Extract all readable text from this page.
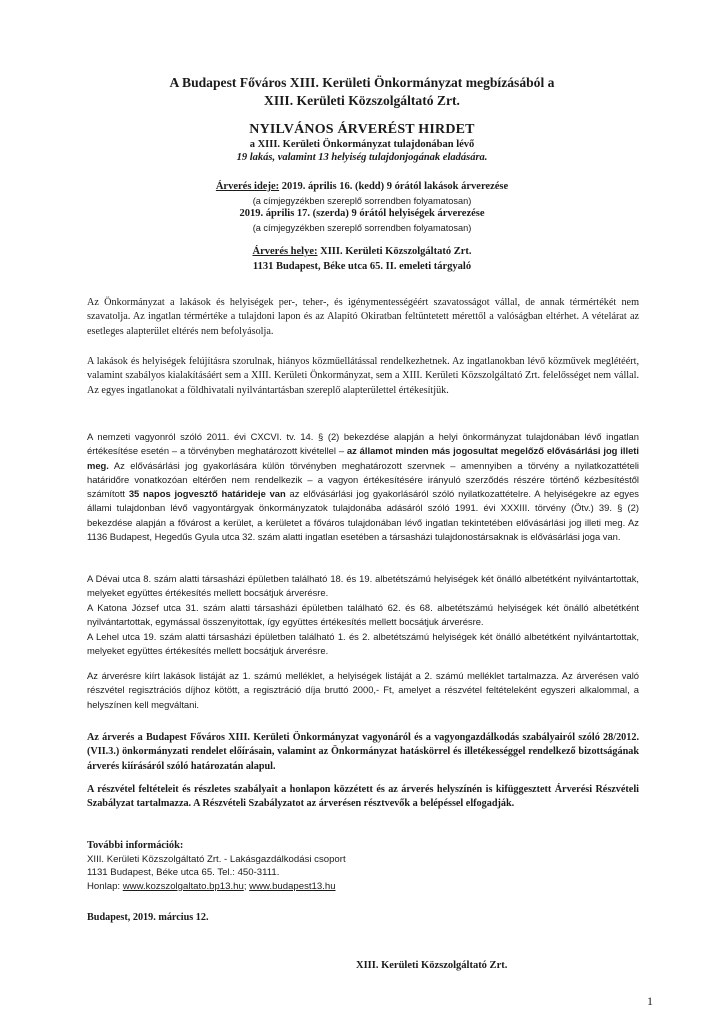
A Budapest Főváros XIII. Kerületi Önkormányzat megbízásából a
XIII. Kerületi Közszolgáltató Zrt.
NYILVÁNOS ÁRVERÉST HIRDET
a XIII. Kerületi Önkormányzat tulajdonában lévő
19 lakás, valamint 13 helyiség tulajdonjogának eladására.
Árverés ideje: 2019. április 16. (kedd) 9 órától lakások árverezése
(a címjegyzékben szereplő sorrendben folyamatosan)
2019. április 17. (szerda) 9 órától helyiségek árverezése
(a címjegyzékben szereplő sorrendben folyamatosan)
Árverés helye: XIII. Kerületi Közszolgáltató Zrt.
1131 Budapest, Béke utca 65. II. emeleti tárgyaló
Az Önkormányzat a lakások és helyiségek per-, teher-, és igénymentességéért szavatosságot vállal, de annak térmértékét nem szavatolja. Az ingatlan térmértéke a tulajdoni lapon és az Alapító Okiratban feltüntetett mérettől a valóságban eltérhet. A vételárat az esetleges alapterület eltérés nem befolyásolja.
A lakások és helyiségek felújításra szorulnak, hiányos közműellátással rendelkezhetnek. Az ingatlanokban lévő közművek meglétéért, valamint szabályos kialakításáért sem a XIII. Kerületi Önkormányzat, sem a XIII. Kerületi Közszolgáltató Zrt. felelősséget nem vállal. Az egyes ingatlanokat a földhivatali nyilvántartásban szereplő alapterülettel értékesítjük.
A nemzeti vagyonról szóló 2011. évi CXCVI. tv. 14. § (2) bekezdése alapján a helyi önkormányzat tulajdonában lévő ingatlan értékesítése esetén – a törvényben meghatározott kivétellel – az államot minden más jogosultat megelőző elővásárlási jog illeti meg. Az elővásárlási jog gyakorlására külön törvényben meghatározott szervnek – amennyiben a törvény a nyilatkozattételi határidőre vonatkozóan eltérően nem rendelkezik – a vagyon értékesítésére irányuló szerződés részére történő kézbesítéstől számított 35 napos jogvesztő határideje van az elővásárlási jog gyakorlásáról szóló nyilatkozattételre. A helyiségekre az egyes állami tulajdonban lévő vagyontárgyak önkormányzatok tulajdonába adásáról szóló 1991. évi XXXIII. törvény (Ötv.) 39. § (2) bekezdése alapján a fővárost a kerület, a kerületet a főváros tulajdonában lévő ingatlan tekintetében elővásárlási jog illeti meg. Az 1136 Budapest, Hegedűs Gyula utca 32. szám alatti ingatlan esetében a társasházi tulajdonostársaknak is elővásárlási joga van.
A Dévai utca 8. szám alatti társasházi épületben található 18. és 19. albetétszámú helyiségek két önálló albetétként nyilvántartottak, melyeket együttes értékesítés mellett bocsátjuk árverésre.
A Katona József utca 31. szám alatti társasházi épületben található 62. és 68. albetétszámú helyiségek két önálló albetétként nyilvántartottak, egymással összenyitottak, így együttes értékesítés mellett bocsátjuk árverésre.
A Lehel utca 19. szám alatti társasházi épületben található 1. és 2. albetétszámú helyiségek két önálló albetétként nyilvántartottak, melyeket együttes értékesítés mellett bocsátjuk árverésre.
Az árverésre kiírt lakások listáját az 1. számú melléklet, a helyiségek listáját a 2. számú melléklet tartalmazza. Az árverésen való részvétel regisztrációs díjhoz kötött, a regisztráció díja bruttó 2000,- Ft, amelyet a részvétel feltételeként egyszeri alkalommal, a helyszínen kell megváltani.
Az árverés a Budapest Főváros XIII. Kerületi Önkormányzat vagyonáról és a vagyongazdálkodás szabályairól szóló 28/2012. (VII.3.) önkormányzati rendelet előírásain, valamint az Önkormányzat hatáskörrel és illetékességgel rendelkező bizottságának árverés kiírásáról szóló határozatán alapul.
A részvétel feltételeit és részletes szabályait a honlapon közzétett és az árverés helyszínén is kifüggesztett Árverési Részvételi Szabályzat tartalmazza. A Részvételi Szabályzatot az árverésen résztvevők a belépéssel elfogadják.
További információk:
XIII. Kerületi Közszolgáltató Zrt. - Lakásgazdálkodási csoport
1131 Budapest, Béke utca 65. Tel.: 450-3111.
Honlap: www.kozszolgaltato.bp13.hu; www.budapest13.hu
Budapest, 2019. március 12.
XIII. Kerületi Közszolgáltató Zrt.
1
